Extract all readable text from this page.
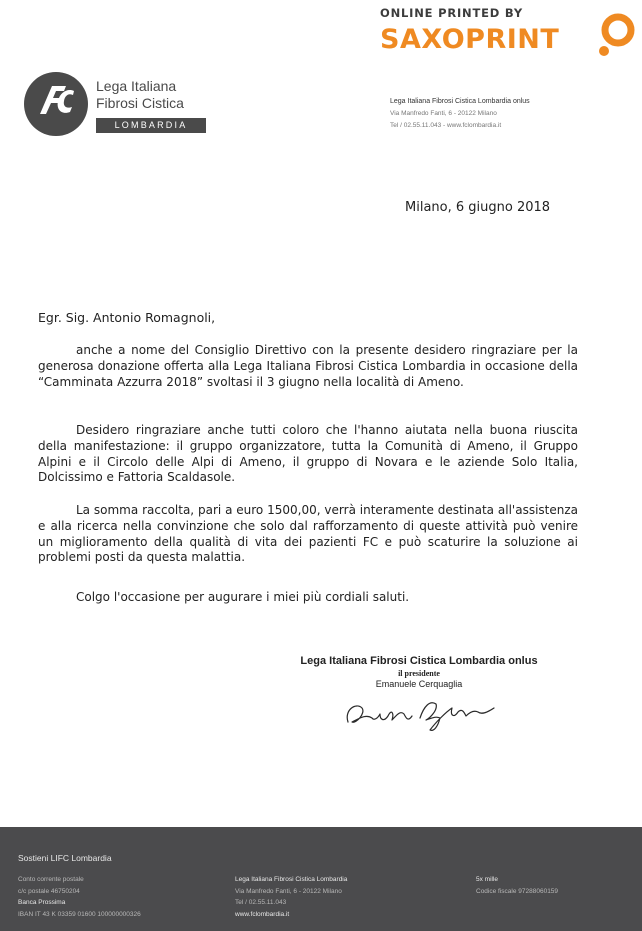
ONLINE PRINTED BY
SAXOPRINT
Lega Italiana
Fibrosi Cistica
LOMBARDIA
Lega Italiana Fibrosi Cistica Lombardia onlus
Via Manfredo Fanti, 6 - 20122 Milano
Tel / 02.55.11.043 - www.fclombardia.it
Milano, 6 giugno 2018
Egr. Sig. Antonio Romagnoli,

anche a nome del Consiglio Direttivo con la presente desidero ringraziare per la generosa donazione offerta alla Lega Italiana Fibrosi Cistica Lombardia in occasione della “Camminata Azzurra 2018” svoltasi il 3 giugno nella località di Ameno.

Desidero ringraziare anche tutti coloro che l'hanno aiutata nella buona riuscita della manifestazione: il gruppo organizzatore, tutta la Comunità di Ameno, il Gruppo Alpini e il Circolo delle Alpi di Ameno, il gruppo di Novara e le aziende Solo Italia, Dolcissimo e Fattoria Scaldasole.

La somma raccolta, pari a euro 1500,00, verrà interamente destinata all'assistenza e alla ricerca nella convinzione che solo dal rafforzamento di queste attività può venire un miglioramento della qualità di vita dei pazienti FC e può scaturire la soluzione ai problemi posti da questa malattia.

Colgo l'occasione per augurare i miei più cordiali saluti.

Lega Italiana Fibrosi Cistica Lombardia onlus
il presidente
Emanuele Cerquaglia
Sostieni LIFC Lombardia
Conto corrente postale
c/c postale 46750204
Banca Prossima
IBAN IT 43 K 03359 01600 100000000326
Lega Italiana Fibrosi Cistica Lombardia
Via Manfredo Fanti, 6 - 20122 Milano
Tel / 02.55.11.043
www.fclombardia.it
5x mille
Codice fiscale 97288060159
